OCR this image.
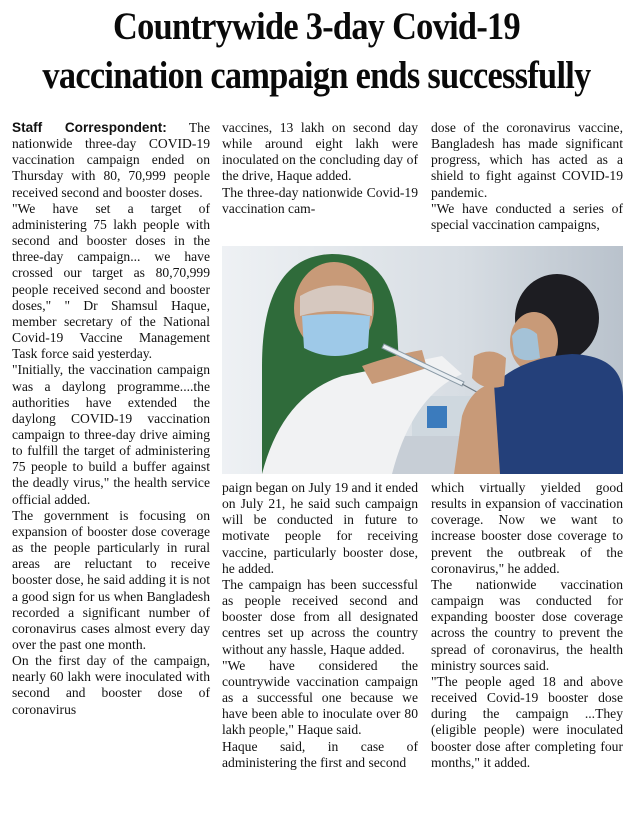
Countrywide 3-day Covid-19 vaccination campaign ends successfully

Staff Correspondent: The nationwide three-day COVID-19 vaccination campaign ended on Thursday with 80, 70,999 people received second and booster doses.

"We have set a target of administering 75 lakh people with second and booster doses in the three-day campaign... we have crossed our target as 80,70,999 people received second and booster doses," " Dr Shamsul Haque, member secretary of the National Covid-19 Vaccine Management Task force said yesterday.

"Initially, the vaccination campaign was a daylong programme....the authorities have extended the daylong COVID-19 vaccination campaign to three-day drive aiming to fulfill the target of administering 75 people to build a buffer against the deadly virus," the health service official added.

The government is focusing on expansion of booster dose coverage as the people particularly in rural areas are reluctant to receive booster dose, he said adding it is not a good sign for us when Bangladesh recorded a significant number of coronavirus cases almost every day over the past one month.

On the first day of the campaign, nearly 60 lakh were inoculated with second and booster dose of coronavirus

vaccines, 13 lakh on second day while around eight lakh were inoculated on the concluding day of the drive, Haque added.

The three-day nationwide Covid-19 vaccination cam-

dose of the coronavirus vaccine, Bangladesh has made significant progress, which has acted as a shield to fight against COVID-19 pandemic.

"We have conducted a series of special vaccination campaigns,

paign began on July 19 and it ended on July 21, he said such campaign will be conducted in future to motivate people for receiving vaccine, particularly booster dose, he added.

The campaign has been successful as people received second and booster dose from all designated centres set up across the country without any hassle, Haque added.

"We have considered the countrywide vaccination campaign as a successful one because we have been able to inoculate over 80 lakh people," Haque said.

Haque said, in case of administering the first and second

which virtually yielded good results in expansion of vaccination coverage. Now we want to increase booster dose coverage to prevent the outbreak of the coronavirus," he added.

The nationwide vaccination campaign was conducted for expanding booster dose coverage across the country to prevent the spread of coronavirus, the health ministry sources said.

"The people aged 18 and above received Covid-19 booster dose during the campaign ...They (eligible people) were inoculated booster dose after completing four months," it added.
